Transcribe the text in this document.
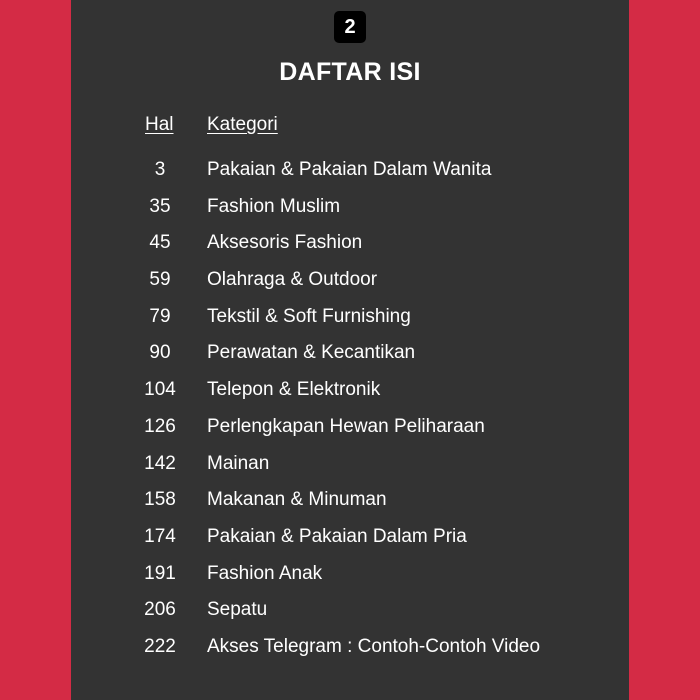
2
DAFTAR ISI
Hal Kategori
3	Pakaian & Pakaian Dalam Wanita
35	Fashion Muslim
45	Aksesoris Fashion
59	Olahraga & Outdoor
79	Tekstil & Soft Furnishing
90	Perawatan & Kecantikan
104	Telepon & Elektronik
126	Perlengkapan Hewan Peliharaan
142	Mainan
158	Makanan & Minuman
174	Pakaian & Pakaian Dalam Pria
191	Fashion Anak
206	Sepatu
222	Akses Telegram : Contoh-Contoh Video
